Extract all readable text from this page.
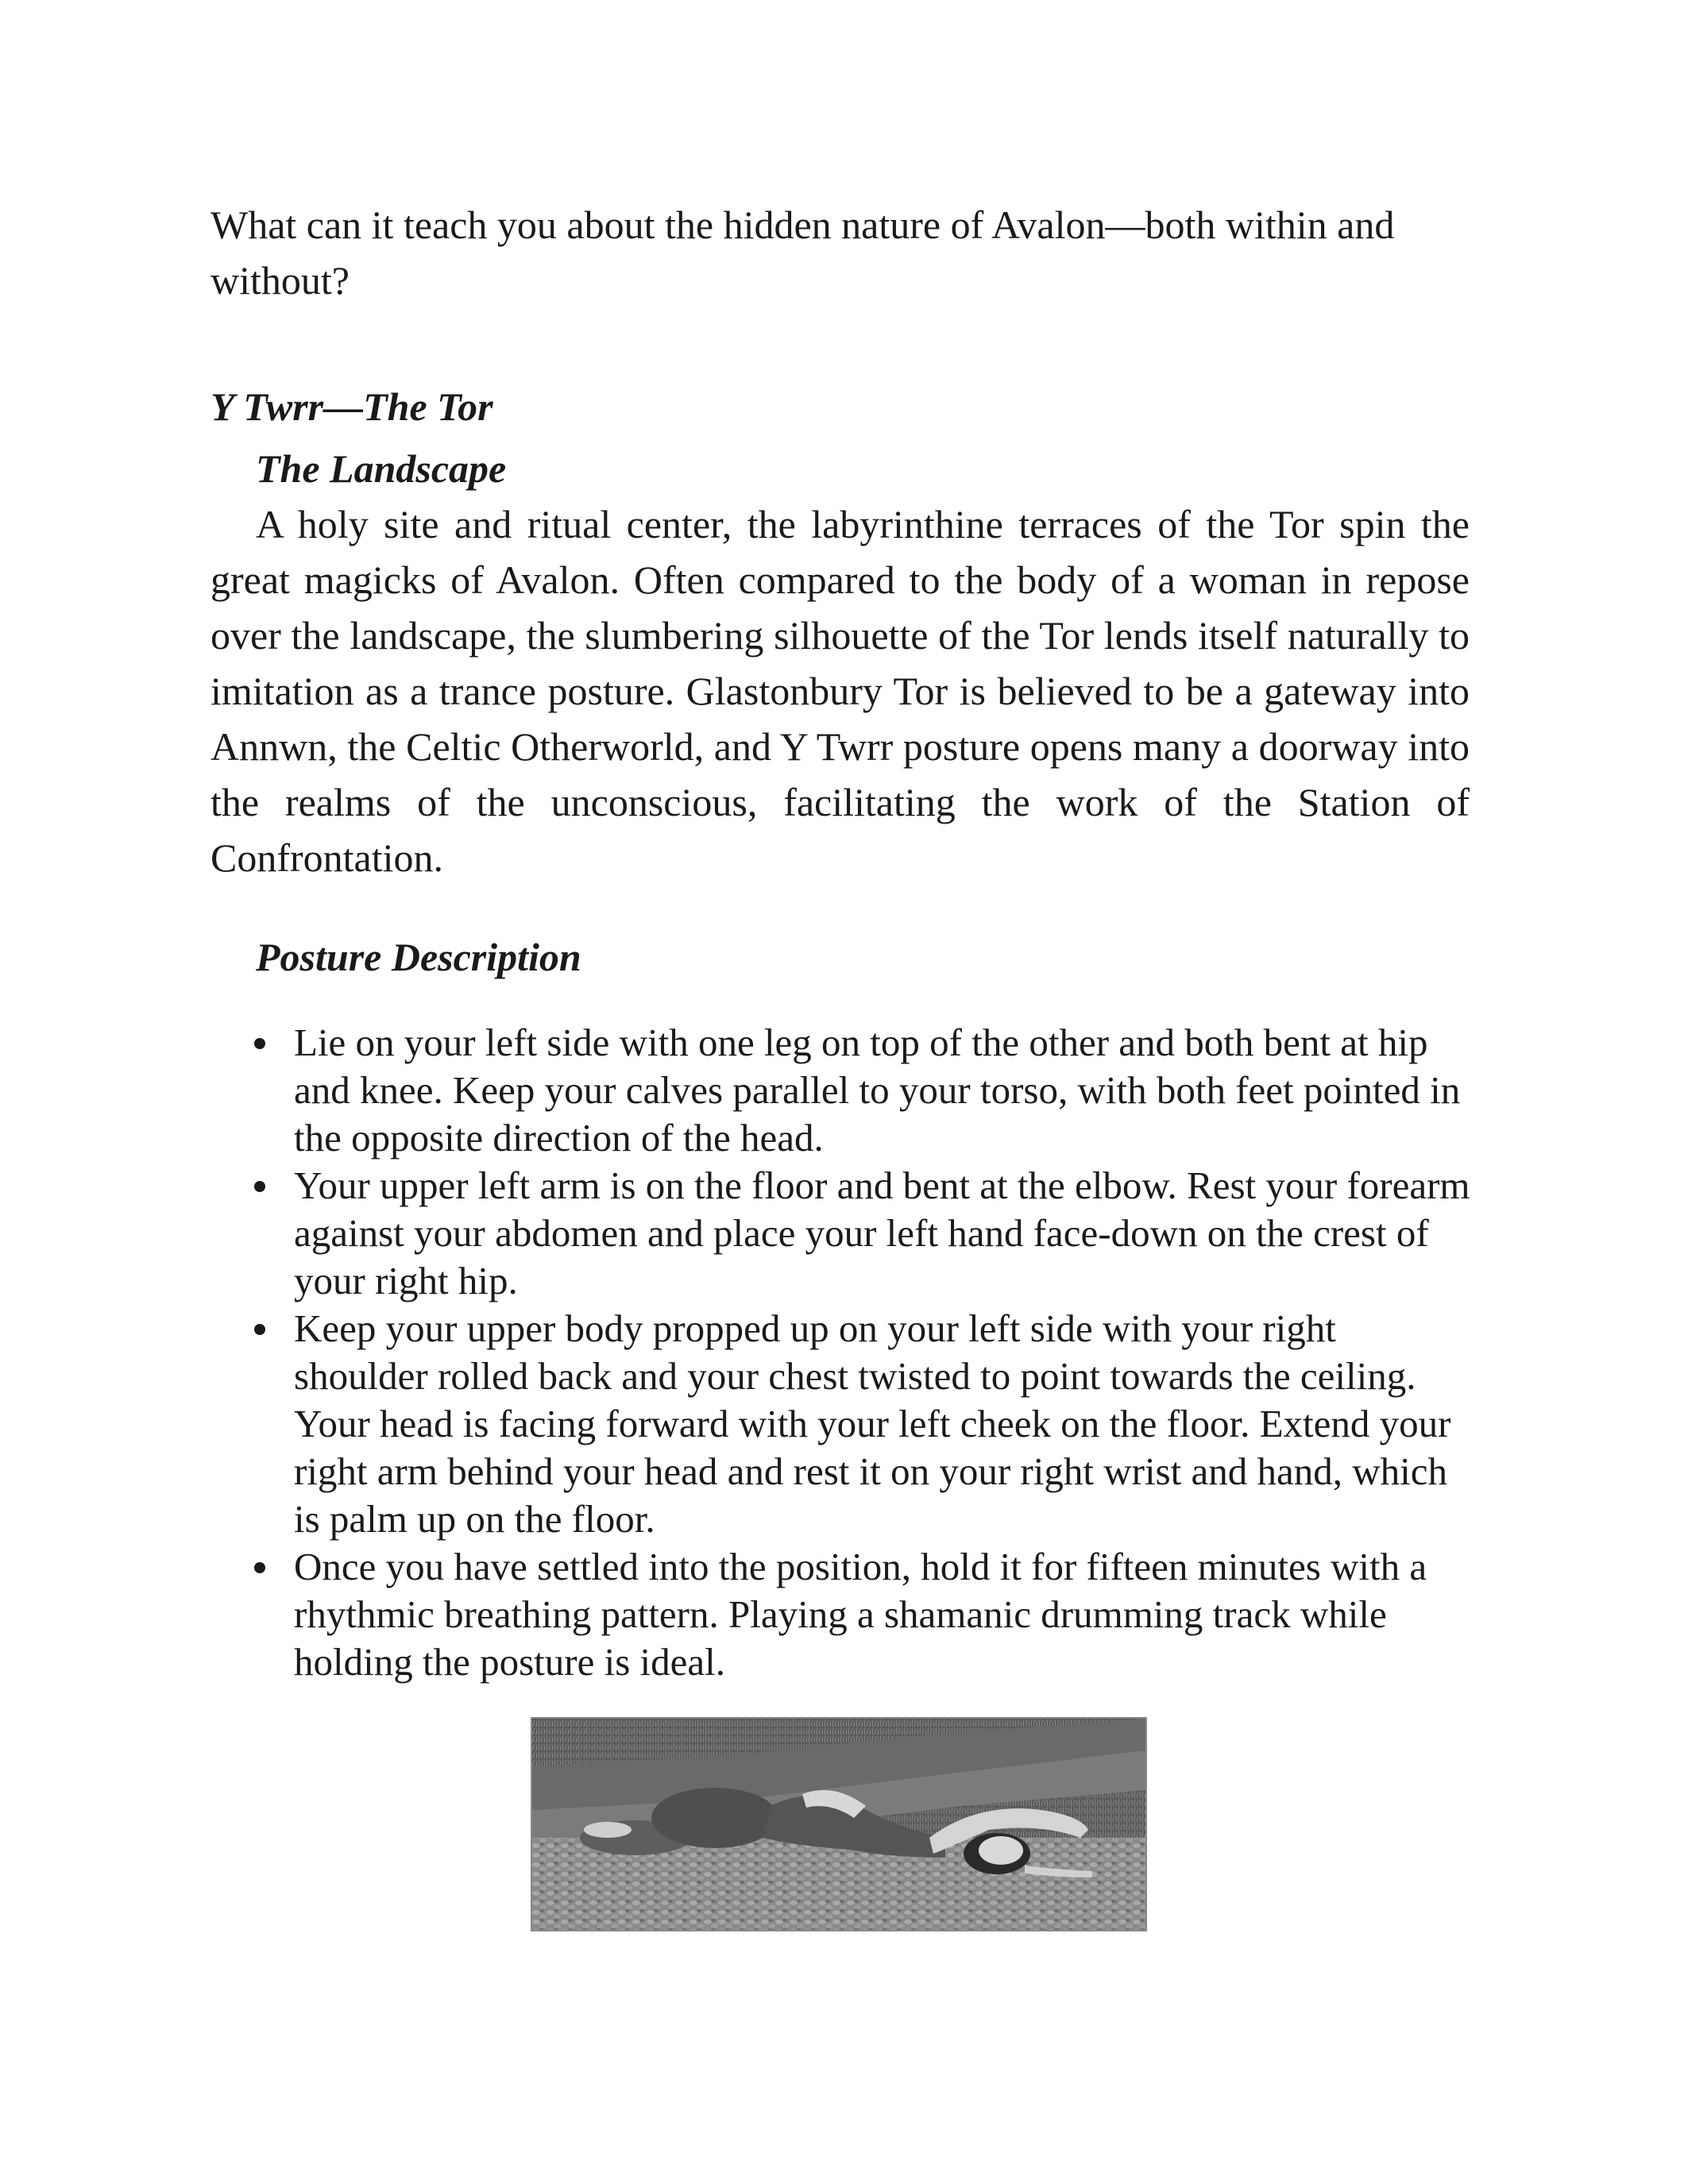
What can it teach you about the hidden nature of Avalon—both within and without?

Y Twrr—The Tor
The Landscape

A holy site and ritual center, the labyrinthine terraces of the Tor spin the great magicks of Avalon. Often compared to the body of a woman in repose over the landscape, the slumbering silhouette of the Tor lends itself naturally to imitation as a trance posture. Glastonbury Tor is believed to be a gateway into Annwn, the Celtic Otherworld, and Y Twrr posture opens many a doorway into the realms of the unconscious, facilitating the work of the Station of Confrontation.

Posture Description
Lie on your left side with one leg on top of the other and both bent at hip and knee. Keep your calves parallel to your torso, with both feet pointed in the opposite direction of the head.
Your upper left arm is on the floor and bent at the elbow. Rest your forearm against your abdomen and place your left hand face-down on the crest of your right hip.
Keep your upper body propped up on your left side with your right shoulder rolled back and your chest twisted to point towards the ceiling. Your head is facing forward with your left cheek on the floor. Extend your right arm behind your head and rest it on your right wrist and hand, which is palm up on the floor.
Once you have settled into the position, hold it for fifteen minutes with a rhythmic breathing pattern. Playing a shamanic drumming track while holding the posture is ideal.
